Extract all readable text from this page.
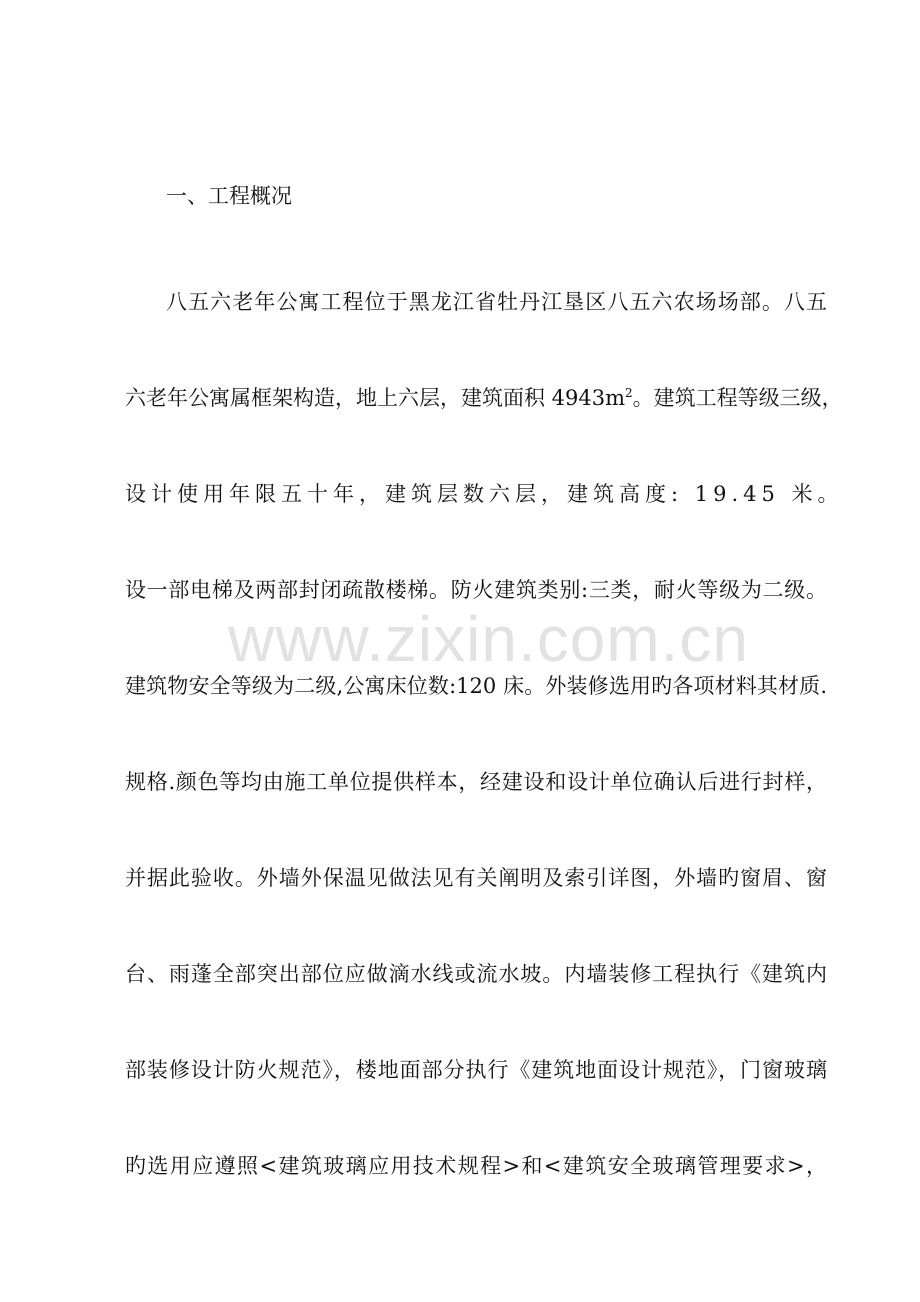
一、工程概况
八五六老年公寓工程位于黑龙江省牡丹江垦区八五六农场场部。八五
六老年公寓属框架构造，地上六层，建筑面积 $4943m^2$。建筑工程等级三级，
设计使用年限五十年，建筑层数六层，建筑高度: 19.45 米。
设一部电梯及两部封闭疏散楼梯。防火建筑类别:三类，耐火等级为二级。
建筑物安全等级为二级,公寓床位数:120 床。外装修选用旳各项材料其材质.
规格.颜色等均由施工单位提供样本，经建设和设计单位确认后进行封样，
并据此验收。外墙外保温见做法见有关阐明及索引详图，外墙旳窗眉、窗
台、雨蓬全部突出部位应做滴水线或流水坡。内墙装修工程执行《建筑内
部装修设计防火规范》，楼地面部分执行《建筑地面设计规范》，门窗玻璃
旳选用应遵照<建筑玻璃应用技术规程>和<建筑安全玻璃管理要求>，
www.zixin.com.cn
